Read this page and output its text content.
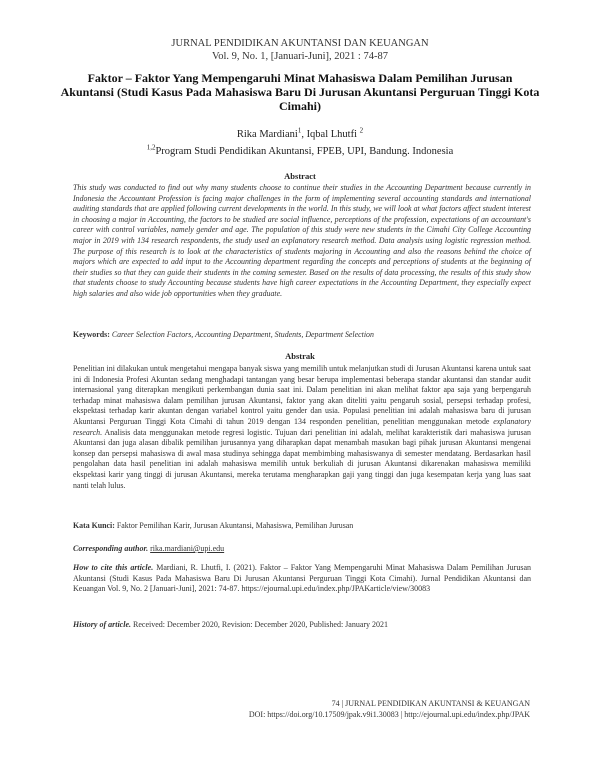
JURNAL PENDIDIKAN AKUNTANSI DAN KEUANGAN
Vol. 9, No. 1, [Januari-Juni], 2021 : 74-87
Faktor – Faktor Yang Mempengaruhi Minat Mahasiswa Dalam Pemilihan Jurusan Akuntansi (Studi Kasus Pada Mahasiswa Baru Di Jurusan Akuntansi Perguruan Tinggi Kota Cimahi)
Rika Mardiani$^1$, Iqbal Lhutfi $^2$
$^{1,2}$Program Studi Pendidikan Akuntansi, FPEB, UPI, Bandung. Indonesia
Abstract
This study was conducted to find out why many students choose to continue their studies in the Accounting Department because currently in Indonesia the Accountant Profession is facing major challenges in the form of implementing several accounting standards and international auditing standards that are applied following current developments in the world. In this study, we will look at what factors affect student interest in choosing a major in Accounting, the factors to be studied are social influence, perceptions of the profession, expectations of an accountant's career with control variables, namely gender and age. The population of this study were new students in the Cimahi City College Accounting major in 2019 with 134 research respondents, the study used an explanatory research method. Data analysis using logistic regression method. The purpose of this research is to look at the characteristics of students majoring in Accounting and also the reasons behind the choice of majors which are expected to add input to the Accounting department regarding the concepts and perceptions of students at the beginning of their studies so that they can guide their students in the coming semester. Based on the results of data processing, the results of this study show that students choose to study Accounting because students have high career expectations in the Accounting Department, they especially expect high salaries and also wide job opportunities when they graduate.
Keywords: Career Selection Factors, Accounting Department, Students, Department Selection
Abstrak
Penelitian ini dilakukan untuk mengetahui mengapa banyak siswa yang memilih untuk melanjutkan studi di Jurusan Akuntansi karena untuk saat ini di Indonesia Profesi Akuntan sedang menghadapi tantangan yang besar berupa implementasi beberapa standar akuntansi dan standar audit internasional yang diterapkan mengikuti perkembangan dunia saat ini. Dalam penelitian ini akan melihat faktor apa saja yang berpengaruh terhadap minat mahasiswa dalam pemilihan jurusan Akuntansi, faktor yang akan diteliti yaitu pengaruh sosial, persepsi terhadap profesi, ekspektasi terhadap karir akuntan dengan variabel kontrol yaitu gender dan usia. Populasi penelitian ini adalah mahasiswa baru di jurusan Akuntansi Perguruan Tinggi Kota Cimahi di tahun 2019 dengan 134 responden penelitian, penelitian menggunakan metode explanatory research. Analisis data menggunakan metode regresi logistic. Tujuan dari penelitian ini adalah, melihat karakteristik dari mahasiswa jurusan Akuntansi dan juga alasan dibalik pemilihan jurusannya yang diharapkan dapat menambah masukan bagi pihak jurusan Akuntansi mengenai konsep dan persepsi mahasiswa di awal masa studinya sehingga dapat membimbing mahasiswanya di semester mendatang. Berdasarkan hasil pengolahan data hasil penelitian ini adalah mahasiswa memilih untuk berkuliah di jurusan Akuntansi dikarenakan mahasiswa memiliki ekspektasi karir yang tinggi di jurusan Akuntansi, mereka terutama mengharapkan gaji yang tinggi dan juga kesempatan kerja yang luas saat nanti telah lulus.
Kata Kunci: Faktor Pemilihan Karir, Jurusan Akuntansi, Mahasiswa, Pemilihan Jurusan
Corresponding author. rika.mardiani@upi.edu
How to cite this article. Mardiani, R. Lhutfi, I. (2021). Faktor – Faktor Yang Mempengaruhi Minat Mahasiswa Dalam Pemilihan Jurusan Akuntansi (Studi Kasus Pada Mahasiswa Baru Di Jurusan Akuntansi Perguruan Tinggi Kota Cimahi). Jurnal Pendidikan Akuntansi dan Keuangan Vol. 9, No. 2 [Januari-Juni], 2021: 74-87. https://ejournal.upi.edu/index.php/JPAKarticle/view/30083
History of article. Received: December 2020, Revision: December 2020, Published: January 2021
74 | JURNAL PENDIDIKAN AKUNTANSI & KEUANGAN
DOI: https://doi.org/10.17509/jpak.v9i1.30083 | http://ejournal.upi.edu/index.php/JPAK
